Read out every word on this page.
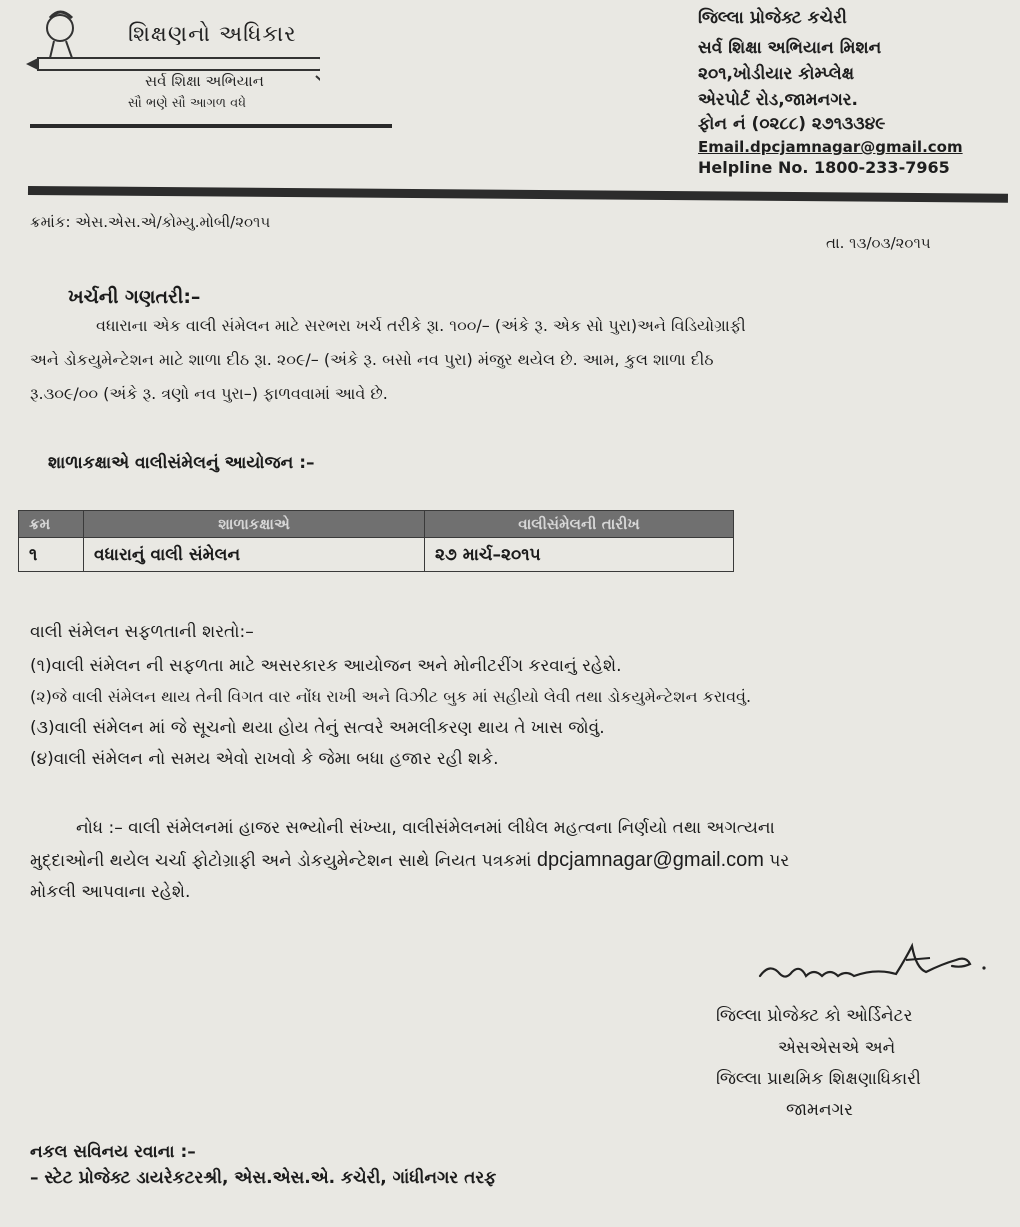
શિક્ષણનો અધિકાર
સર્વ શિક્ષા અભિયાન
સૌ ભણે સૌ આગળ વધે
જિલ્લા પ્રોજેક્ટ કચેરી
સર્વ શિક્ષા અભિયાન મિશન
૨૦૧,ખોડીયાર કોમ્પ્લેક્ષ
એરપોર્ટ રોડ,જામનગર.
ફોન નં (૦૨૮૮) ૨૭૧૩૩૪૯
Email.dpcjamnagar@gmail.com
Helpline No. 1800-233-7965
ક્રમાંક: એસ.એસ.એ/કોમ્યુ.મોબી/૨૦૧૫
તા. ૧૩/૦૩/૨૦૧૫
ખર્ચની ગણતરી:–
વધારાના એક વાલી સંમેલન માટે સરભરા ખર્ચ તરીકે રૂા. ૧૦૦/– (અંકે રૂ. એક સો પુરા)અને વિડિયોગ્રાફી
અને ડોકયુમેન્ટેશન માટે શાળા દીઠ રૂા. ૨૦૯/– (અંકે રૂ. બસો નવ પુરા) મંજુર થયેલ છે. આમ, કુલ શાળા દીઠ
રૂ.૩૦૯/૦૦ (અંકે રૂ. ત્રણો નવ પુરા–) ફાળવવામાં આવે છે.
શાળાકક્ષાએ વાલીસંમેલનું આયોજન :–
ક્રમ	શાળાકક્ષાએ	વાલીસંમેલની તારીખ
૧	વધારાનું વાલી સંમેલન	૨૭ માર્ચ–૨૦૧૫
વાલી સંમેલન સફળતાની શરતો:–
(૧)વાલી સંમેલન ની સફળતા માટે અસરકારક આયોજન અને મોનીટરીંગ કરવાનું રહેશે.
(૨)જે વાલી સંમેલન થાય તેની વિગત વાર નોંધ રાખી અને વિઝીટ બુક માં સહીયો લેવી તથા ડોકયુમેન્ટેશન કરાવવું.
(૩)વાલી સંમેલન માં જે સૂચનો થયા હોય તેનું સત્વરે અમલીકરણ થાય તે ખાસ જોવું.
(૪)વાલી સંમેલન નો સમય એવો રાખવો કે જેમા બધા હજાર રહી શકે.
નોધ :– વાલી સંમેલનમાં હાજર સભ્યોની સંખ્યા, વાલીસંમેલનમાં લીધેલ મહત્વના નિર્ણયો તથા અગત્યના
મુદ્દાઓની થયેલ ચર્ચા ફોટોગ્રાફી અને ડોકયુમેન્ટેશન સાથે નિયત પત્રકમાં dpcjamnagar@gmail.com પર
મોકલી આપવાના રહેશે.
જિલ્લા પ્રોજેક્ટ કો ઓર્ડિનેટર
એસએસએ અને
જિલ્લા પ્રાથમિક શિક્ષણાધિકારી
જામનગર
નકલ સવિનય રવાના :–
– સ્ટેટ પ્રોજેક્ટ ડાયરેકટરશ્રી, એસ.એસ.એ. કચેરી, ગાંધીનગર તરફ
